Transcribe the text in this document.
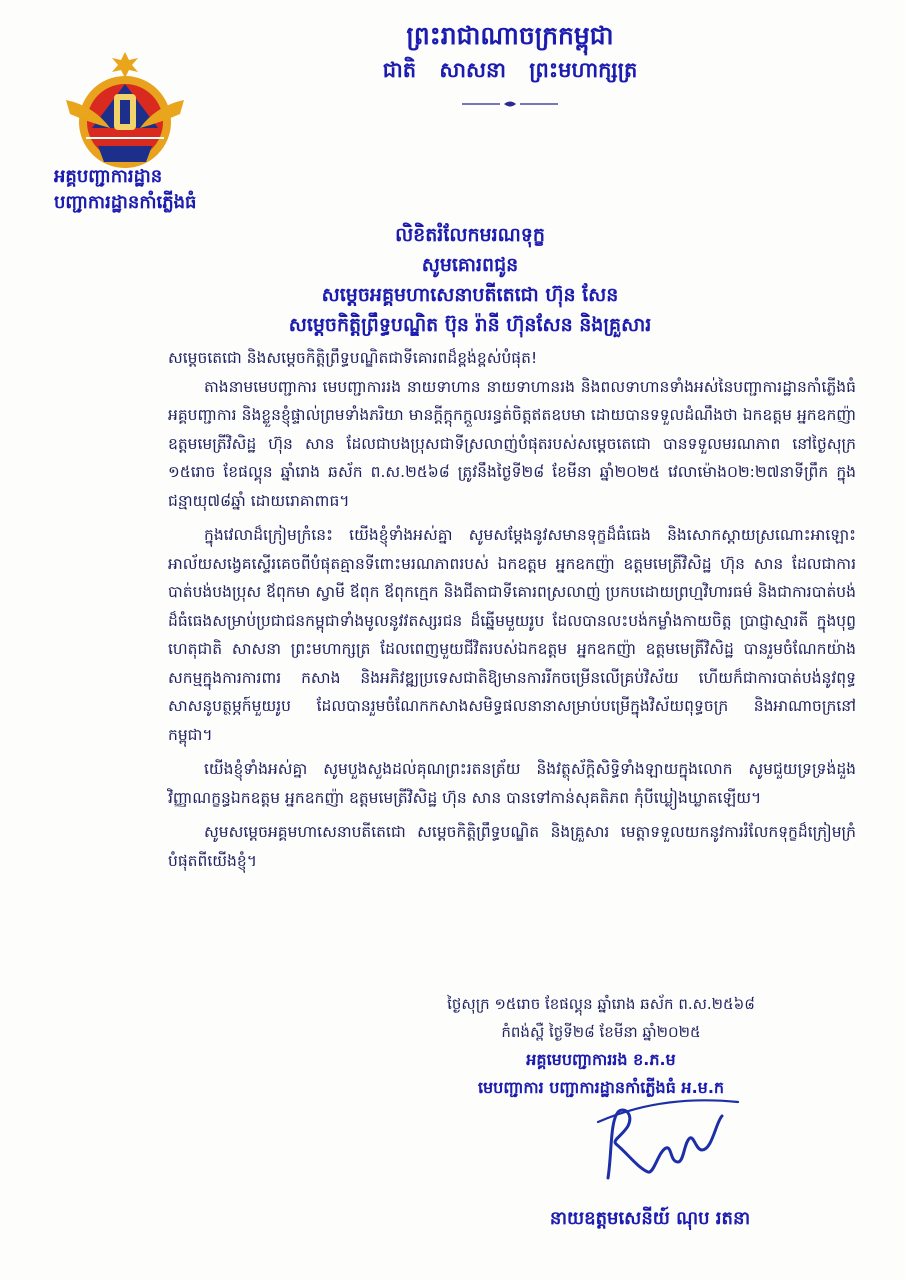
ព្រះរាជាណាចក្រកម្ពុជា
ជាតិ សាសនា ព្រះមហាក្សត្រ
អគ្គបញ្ជាការដ្ឋាន
បញ្ជាការដ្ឋានកាំភ្លើងធំ
លិខិតរំលែកមរណទុក្ខ
សូមគោរពជូន
សម្តេចអគ្គមហាសេនាបតីតេជោ ហ៊ុន សែន
សម្តេចកិត្តិព្រឹទ្ធបណ្ឌិត ប៊ុន រ៉ានី ហ៊ុនសែន និងគ្រួសារ

សម្តេចតេជោ និងសម្តេចកិត្តិព្រឹទ្ធបណ្ឌិតជាទីគោរពដ៏ខ្ពង់ខ្ពស់បំផុត!

តាងនាមមេបញ្ជាការ មេបញ្ជាការរង នាយទាហាន នាយទាហានរង និងពលទាហានទាំងអស់នៃបញ្ជាការដ្ឋានកាំភ្លើងធំ អគ្គបញ្ជាការ និងខ្លួនខ្ញុំផ្ទាល់ព្រមទាំងភរិយា មានក្តីក្តុកក្តួលរន្ធត់ចិត្តឥតឧបមា ដោយបានទទួលដំណឹងថា ឯកឧត្តម អ្នកឧកញ៉ា ឧត្តមមេត្រីវិសិដ្ឋ ហ៊ុន សាន ដែលជាបងប្រុសជាទីស្រលាញ់បំផុតរបស់សម្តេចតេជោ បានទទួលមរណភាព នៅថ្ងៃសុក្រ ១៥រោច ខែផល្គុន ឆ្នាំរោង ឆស័ក ព.ស.២៥៦៨ ត្រូវនឹងថ្ងៃទី២៨ ខែមីនា ឆ្នាំ២០២៥ វេលាម៉ោង០២:២៧នាទីព្រឹក ក្នុងជន្មាយុ៧៨ឆ្នាំ ដោយរោគាពាធ។

ក្នុងវេលាដ៏ក្រៀមក្រំនេះ យើងខ្ញុំទាំងអស់គ្នា សូមសម្តែងនូវសមានទុក្ខដ៏ធំធេង និងសោកស្តាយស្រណោះអាឡោះអាល័យសង្វេគស្ទើរគេចពីបំផុតគ្មានទីពោះមរណភាពរបស់ ឯកឧត្តម អ្នកឧកញ៉ា ឧត្តមមេត្រីវិសិដ្ឋ ហ៊ុន សាន ដែលជាការបាត់បង់បងប្រុស ឪពុកមា ស្វាមី ឪពុក ឪពុកក្មេក និងជីតាជាទីគោរពស្រលាញ់ ប្រកបដោយព្រហ្មវិហារធម៌ និងជាការបាត់បង់ដ៏ធំធេងសម្រាប់ប្រជាជនកម្ពុជាទាំងមូលនូវវតស្សរជន ដ៏ឆ្នើមមួយរូប ដែលបានលះបង់កម្លាំងកាយចិត្ត ប្រាជ្ញាស្មារតី ក្នុងបុព្វហេតុជាតិ សាសនា ព្រះមហាក្សត្រ ដែលពេញមួយជីវិតរបស់ឯកឧត្តម អ្នកឧកញ៉ា ឧត្តមមេត្រីវិសិដ្ឋ បានរួមចំណែកយ៉ាងសកម្មក្នុងការការពារ កសាង និងអភិវឌ្ឍប្រទេសជាតិឱ្យមានការរីកចម្រើនលើគ្រប់វិស័យ ហើយក៏ជាការបាត់បង់នូវពុទ្ធសាសនូបត្ថម្ភក៍មួយរូប ដែលបានរួមចំណែកកសាងសមិទ្ធផលនានាសម្រាប់បម្រើក្នុងវិស័យពុទ្ធចក្រ និងអាណាចក្រនៅកម្ពុជា។

យើងខ្ញុំទាំងអស់គ្នា សូមបួងសួងដល់គុណព្រះរតនត្រ័យ និងវត្ថុស័ក្តិសិទ្ធិទាំងឡាយក្នុងលោក សូមជួយទ្រទ្រង់ដួងវិញ្ញាណក្ខន្ធឯកឧត្តម អ្នកឧកញ៉ា ឧត្តមមេត្រីវិសិដ្ឋ ហ៊ុន សាន បានទៅកាន់សុគតិភព កុំបីឃ្លៀងឃ្លាតឡើយ។

សូមសម្តេចអគ្គមហាសេនាបតីតេជោ សម្តេចកិត្តិព្រឹទ្ធបណ្ឌិត និងគ្រួសារ មេត្តាទទួលយកនូវការរំលែកទុក្ខដ៏ក្រៀមក្រំបំផុតពីយើងខ្ញុំ។

ថ្ងៃសុក្រ ១៥រោច ខែផល្គុន ឆ្នាំរោង ឆស័ក ព.ស.២៥៦៨
កំពង់ស្ពឺ ថ្ងៃទី២៨ ខែមីនា ឆ្នាំ២០២៥
អគ្គមេបញ្ជាការរង ខ.ភ.ម
មេបញ្ជាការ បញ្ជាការដ្ឋានកាំភ្លើងធំ អ.ម.ក
នាយឧត្តមសេនីយ៍ ណុប រតនា
